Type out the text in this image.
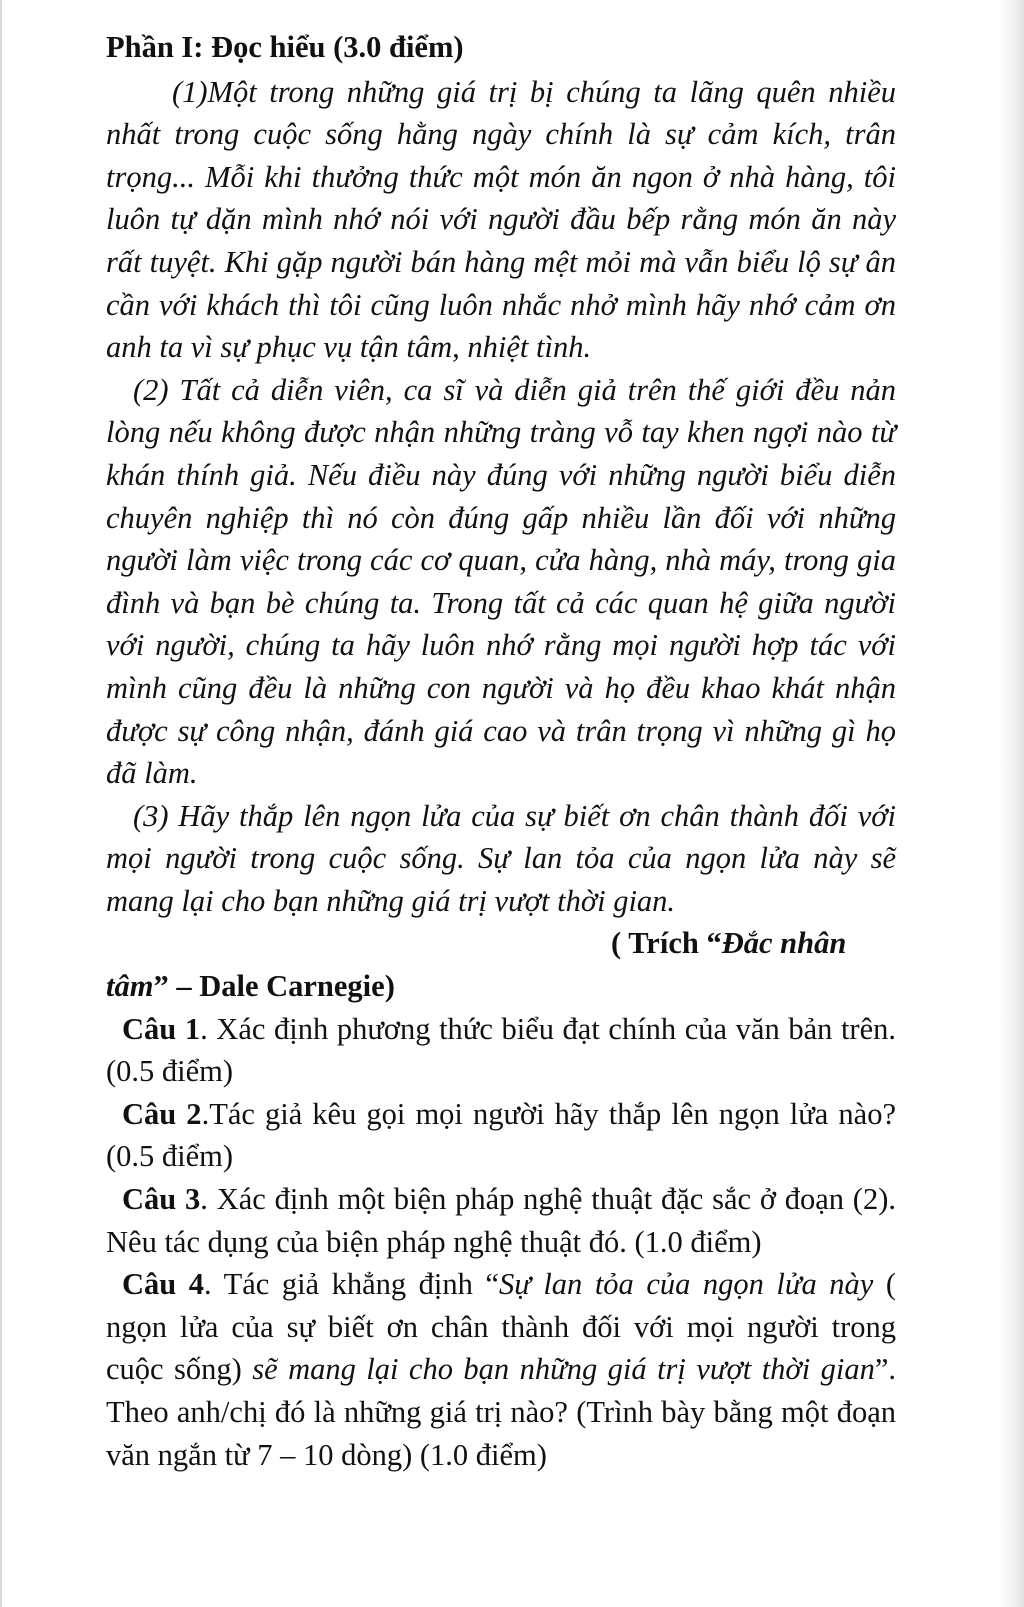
Phần I: Đọc hiểu (3.0 điểm)

(1)Một trong những giá trị bị chúng ta lãng quên nhiều nhất trong cuộc sống hằng ngày chính là sự cảm kích, trân trọng... Mỗi khi thưởng thức một món ăn ngon ở nhà hàng, tôi luôn tự dặn mình nhớ nói với người đầu bếp rằng món ăn này rất tuyệt. Khi gặp người bán hàng mệt mỏi mà vẫn biểu lộ sự ân cần với khách thì tôi cũng luôn nhắc nhở mình hãy nhớ cảm ơn anh ta vì sự phục vụ tận tâm, nhiệt tình.

(2) Tất cả diễn viên, ca sĩ và diễn giả trên thế giới đều nản lòng nếu không được nhận những tràng vỗ tay khen ngợi nào từ khán thính giả. Nếu điều này đúng với những người biểu diễn chuyên nghiệp thì nó còn đúng gấp nhiều lần đối với những người làm việc trong các cơ quan, cửa hàng, nhà máy, trong gia đình và bạn bè chúng ta. Trong tất cả các quan hệ giữa người với người, chúng ta hãy luôn nhớ rằng mọi người hợp tác với mình cũng đều là những con người và họ đều khao khát nhận được sự công nhận, đánh giá cao và trân trọng vì những gì họ đã làm.

(3) Hãy thắp lên ngọn lửa của sự biết ơn chân thành đối với mọi người trong cuộc sống. Sự lan tỏa của ngọn lửa này sẽ mang lại cho bạn những giá trị vượt thời gian.

( Trích “Đắc nhân tâm” – Dale Carnegie)

Câu 1. Xác định phương thức biểu đạt chính của văn bản trên. (0.5 điểm)

Câu 2.Tác giả kêu gọi mọi người hãy thắp lên ngọn lửa nào? (0.5 điểm)

Câu 3. Xác định một biện pháp nghệ thuật đặc sắc ở đoạn (2). Nêu tác dụng của biện pháp nghệ thuật đó. (1.0 điểm)

Câu 4. Tác giả khẳng định “Sự lan tỏa của ngọn lửa này ( ngọn lửa của sự biết ơn chân thành đối với mọi người trong cuộc sống) sẽ mang lại cho bạn những giá trị vượt thời gian”. Theo anh/chị đó là những giá trị nào? (Trình bày bằng một đoạn văn ngắn từ 7 – 10 dòng) (1.0 điểm)
